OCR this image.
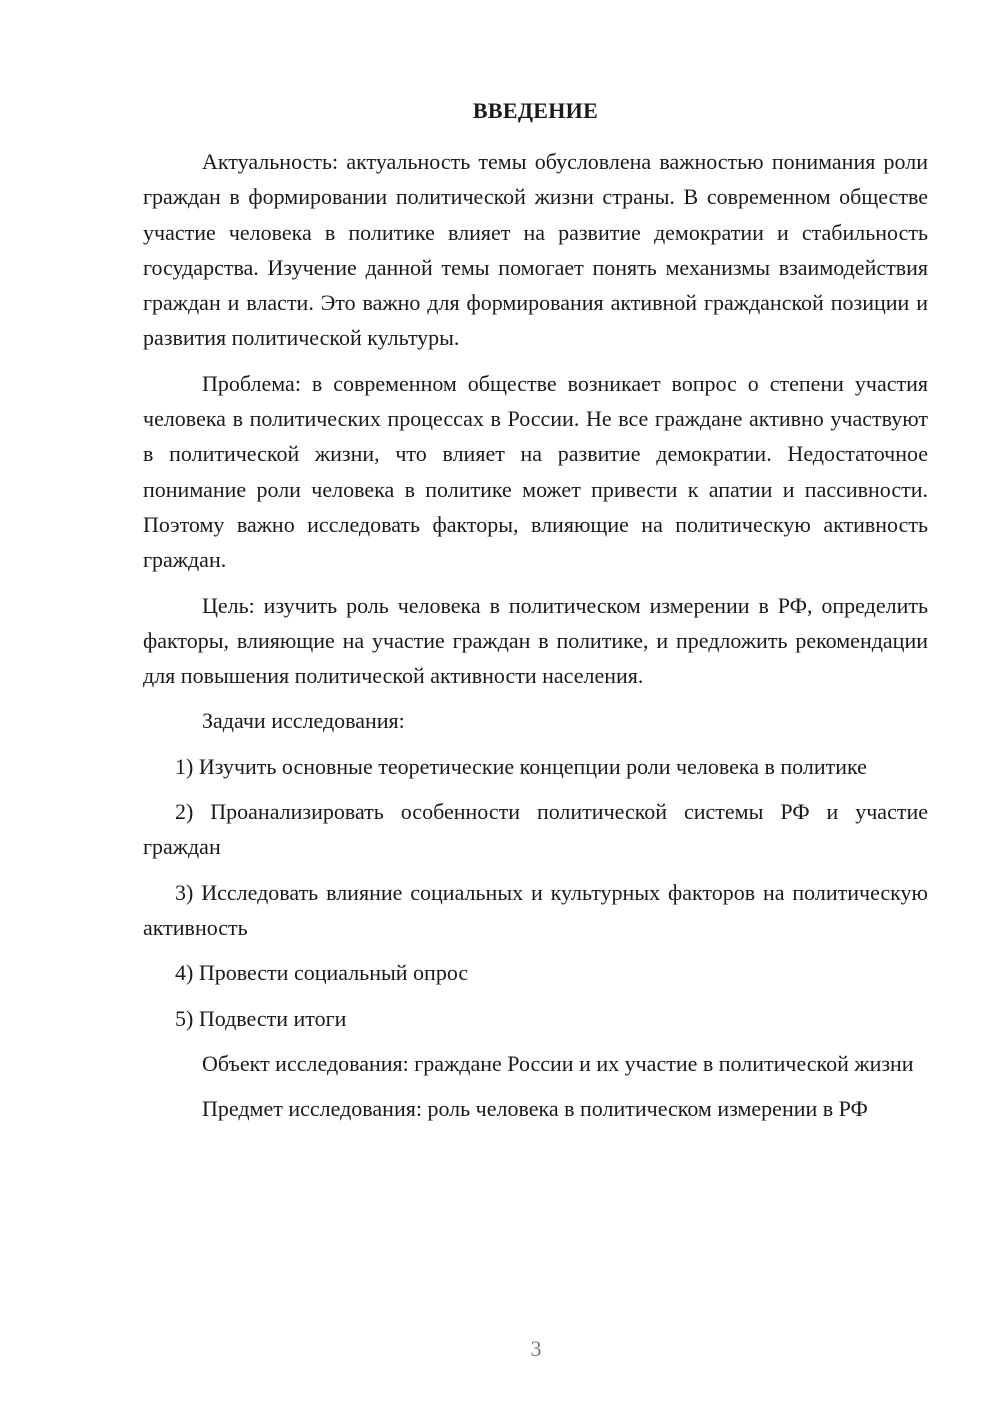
ВВЕДЕНИЕ

Актуальность: актуальность темы обусловлена важностью понимания роли граждан в формировании политической жизни страны. В современном обществе участие человека в политике влияет на развитие демократии и стабильность государства. Изучение данной темы помогает понять механизмы взаимодействия граждан и власти. Это важно для формирования активной гражданской позиции и развития политической культуры.

Проблема: в современном обществе возникает вопрос о степени участия человека в политических процессах в России. Не все граждане активно участвуют в политической жизни, что влияет на развитие демократии. Недостаточное понимание роли человека в политике может привести к апатии и пассивности. Поэтому важно исследовать факторы, влияющие на политическую активность граждан.

Цель: изучить роль человека в политическом измерении в РФ, определить факторы, влияющие на участие граждан в политике, и предложить рекомендации для повышения политической активности населения.

Задачи исследования:

1) Изучить основные теоретические концепции роли человека в политике

2) Проанализировать особенности политической системы РФ и участие граждан

3) Исследовать влияние социальных и культурных факторов на политическую активность

4) Провести социальный опрос

5) Подвести итоги

Объект исследования: граждане России и их участие в политической жизни

Предмет исследования: роль человека в политическом измерении в РФ

3
